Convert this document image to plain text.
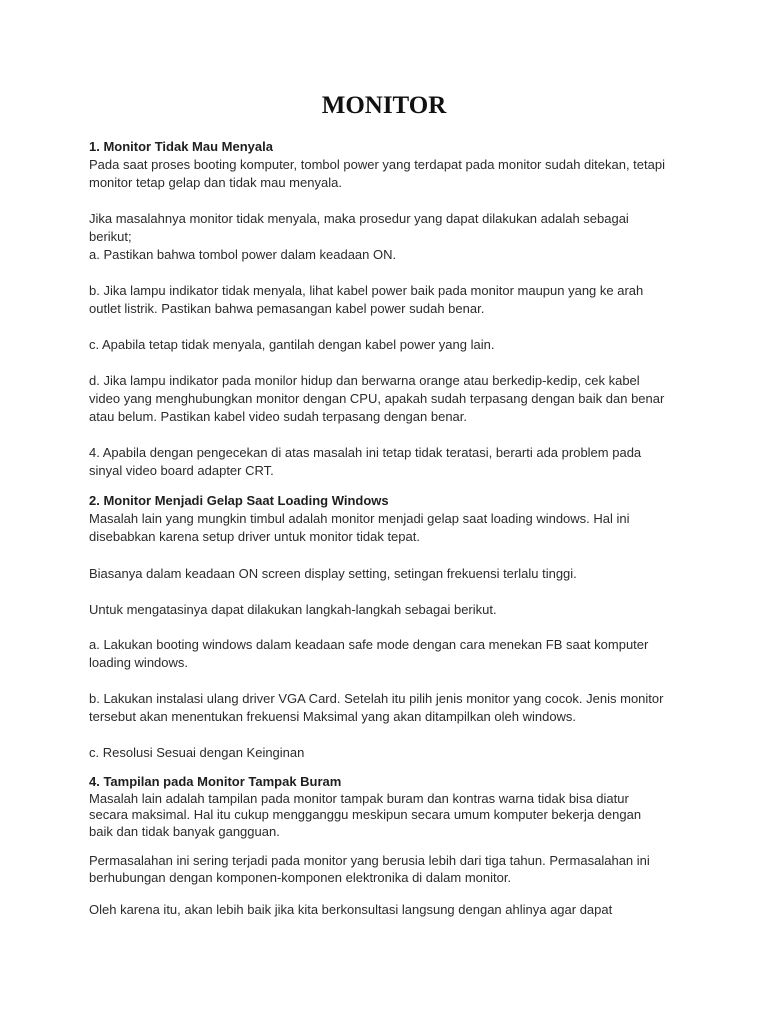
MONITOR
1. Monitor Tidak Mau Menyala
Pada saat proses booting komputer, tombol power yang terdapat pada monitor sudah ditekan, tetapi
monitor tetap gelap dan tidak mau menyala.
Jika masalahnya monitor tidak menyala, maka prosedur yang dapat dilakukan adalah sebagai
berikut;
a. Pastikan bahwa tombol power dalam keadaan ON.
b. Jika lampu indikator tidak menyala, lihat kabel power baik pada monitor maupun yang ke arah
outlet listrik. Pastikan bahwa pemasangan kabel power sudah benar.
c. Apabila tetap tidak menyala, gantilah dengan kabel power yang lain.
d. Jika lampu indikator pada monilor hidup dan berwarna orange atau berkedip-kedip, cek kabel
video yang menghubungkan monitor dengan CPU, apakah sudah terpasang dengan baik dan benar
atau belum. Pastikan kabel video sudah terpasang dengan benar.
4. Apabila dengan pengecekan di atas masalah ini tetap tidak teratasi, berarti ada problem pada
sinyal video board adapter CRT.
2. Monitor Menjadi Gelap Saat Loading Windows
Masalah lain yang mungkin timbul adalah monitor menjadi gelap saat loading windows. Hal ini
disebabkan karena setup driver untuk monitor tidak tepat.
Biasanya dalam keadaan ON screen display setting, setingan frekuensi terlalu tinggi.
Untuk mengatasinya dapat dilakukan langkah-langkah sebagai berikut.
a. Lakukan booting windows dalam keadaan safe mode dengan cara menekan FB saat komputer
loading windows.
b. Lakukan instalasi ulang driver VGA Card. Setelah itu pilih jenis monitor yang cocok. Jenis monitor
tersebut akan menentukan frekuensi Maksimal yang akan ditampilkan oleh windows.
c. Resolusi Sesuai dengan Keinginan
4. Tampilan pada Monitor Tampak Buram
Masalah lain adalah tampilan pada monitor tampak buram dan kontras warna tidak bisa diatur
secara maksimal. Hal itu cukup mengganggu meskipun secara umum komputer bekerja dengan
baik dan tidak banyak gangguan.
Permasalahan ini sering terjadi pada monitor yang berusia lebih dari tiga tahun. Permasalahan ini
berhubungan dengan komponen-komponen elektronika di dalam monitor.
Oleh karena itu, akan lebih baik jika kita berkonsultasi langsung dengan ahlinya agar dapat
